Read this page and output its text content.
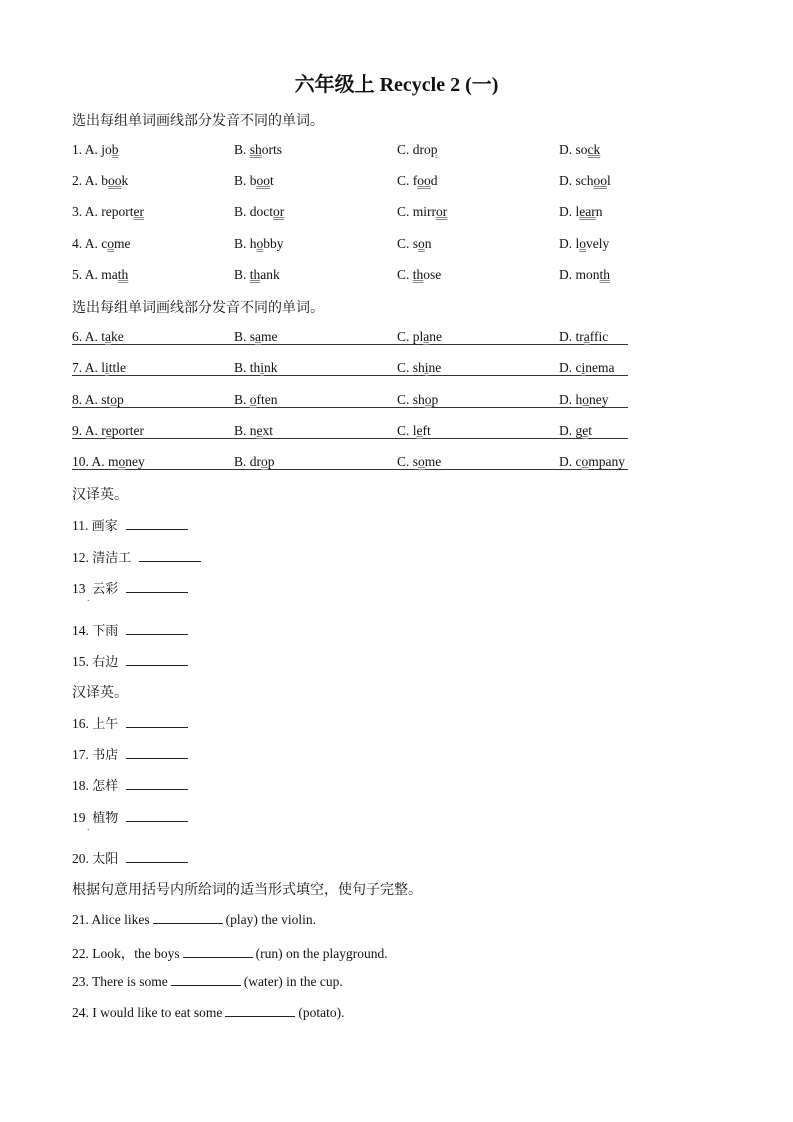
六年级上 Recycle 2 (一)
选出每组单词画线部分发音不同的单词。
1. A. job	B. shorts	C. drop	D. sock
2. A. book	B. boot	C. food	D. school
3. A. reporter	B. doctor	C. mirror	D. learn
4. A. come	B. hobby	C. son	D. lovely
5. A. math	B. thank	C. those	D. month
选出每组单词画线部分发音不同的单词。
6. A. take	B. same	C. plane	D. traffic
7. A. little	B. think	C. shine	D. cinema
8. A. stop	B. often	C. shop	D. honey
9. A. reporter	B. next	C. left	D. get
10. A. money	B. drop	C. some	D. company
汉译英。
11. 画家
12. 清洁工
13 云彩
.
14. 下雨
15. 右边
汉译英。
16. 上午
17. 书店
18. 怎样
19 植物
.
20. 太阳
根据句意用括号内所给词的适当形式填空，使句子完整。
21. Alice likes	(play) the violin.
22. Look，the boys	(run) on the playground.
23. There is some	(water) in the cup.
24. I would like to eat some	(potato).
